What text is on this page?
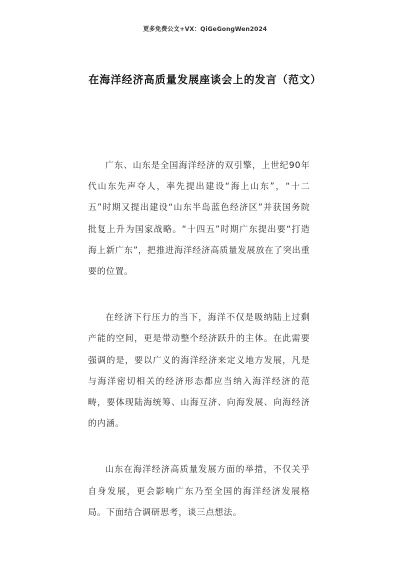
更多免费公文+VX：QiGeGongWen2024
在海洋经济高质量发展座谈会上的发言（范文）

广东、山东是全国海洋经济的双引擎，上世纪90年代山东先声夺人，率先提出建设“海上山东”，“十二五”时期又提出建设“山东半岛蓝色经济区”并获国务院批复上升为国家战略。“十四五”时期广东提出要“打造海上新广东”，把推进海洋经济高质量发展放在了突出重要的位置。

在经济下行压力的当下，海洋不仅是吸纳陆上过剩产能的空间，更是带动整个经济跃升的主体。在此需要强调的是，要以广义的海洋经济来定义地方发展，凡是与海洋密切相关的经济形态都应当纳入海洋经济的范畴，要体现陆海统筹、山海互济、向海发展、向海经济的内涵。

山东在海洋经济高质量发展方面的举措，不仅关乎自身发展，更会影响广东乃至全国的海洋经济发展格局。下面结合调研思考，谈三点想法。
